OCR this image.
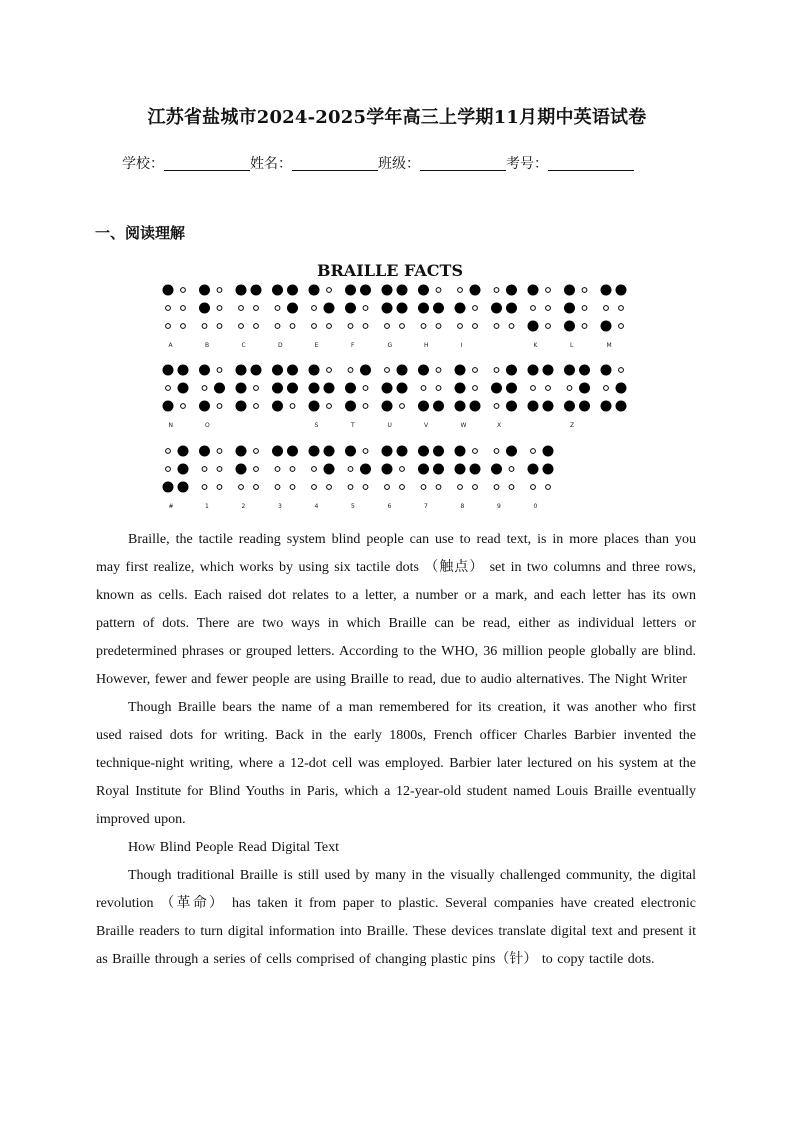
江苏省盐城市2024-2025学年高三上学期11月期中英语试卷
学校：	姓名：	班级：	考号：
一、阅读理解
BRAILLE FACTS
A	B	C	D	E	F	G	H	I	K	L	M
N	O	S	T	U	V	W	X	Z
#	1	2	3	4	5	6	7	8	9	0

Braille, the tactile reading system blind people can use to read text, is in more places than you may first realize, which works by using six tactile dots （触点） set in two columns and three rows, known as cells. Each raised dot relates to a letter, a number or a mark, and each letter has its own pattern of dots. There are two ways in which Braille can be read, either as individual letters or predetermined phrases or grouped letters. According to the WHO, 36 million people globally are blind. However, fewer and fewer people are using Braille to read, due to audio alternatives. The Night Writer

Though Braille bears the name of a man remembered for its creation, it was another who first used raised dots for writing. Back in the early 1800s, French officer Charles Barbier invented the technique-night writing, where a 12-dot cell was employed. Barbier later lectured on his system at the Royal Institute for Blind Youths in Paris, which a 12-year-old student named Louis Braille eventually improved upon.

How Blind People Read Digital Text

Though traditional Braille is still used by many in the visually challenged community, the digital revolution （革命） has taken it from paper to plastic. Several companies have created electronic Braille readers to turn digital information into Braille. These devices translate digital text and present it as Braille through a series of cells comprised of changing plastic pins（针） to copy tactile dots.
